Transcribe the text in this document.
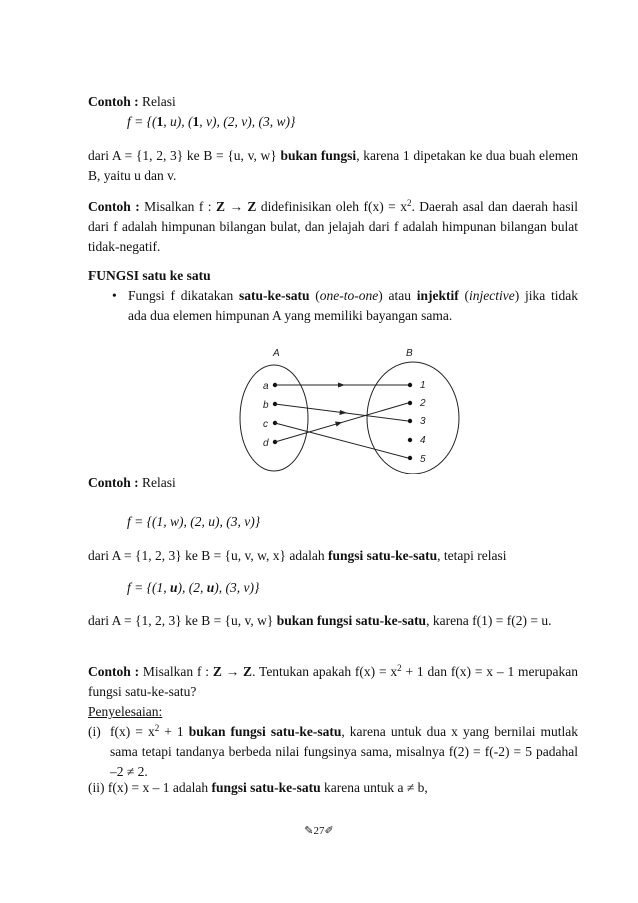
Contoh : Relasi

f = {(1, u), (1, v), (2, v), (3, w)}

dari A = {1, 2, 3} ke B = {u, v, w} bukan fungsi, karena 1 dipetakan ke dua buah elemen B, yaitu u dan v.

Contoh : Misalkan f : Z → Z didefinisikan oleh $f(x) = x^2$. Daerah asal dan daerah hasil dari f adalah himpunan bilangan bulat, dan jelajah dari f adalah himpunan bilangan bulat tidak-negatif.

FUNGSI satu ke satu

• Fungsi f dikatakan satu-ke-satu (one-to-one) atau injektif (injective) jika tidak ada dua elemen himpunan A yang memiliki bayangan sama.
A	B
a
b
c
d
1
2
3
4
5

Contoh : Relasi

f = {(1, w), (2, u), (3, v)}

dari A = {1, 2, 3} ke B = {u, v, w, x} adalah fungsi satu-ke-satu, tetapi relasi

f = {(1, u), (2, u), (3, v)}

dari A = {1, 2, 3} ke B = {u, v, w} bukan fungsi satu-ke-satu, karena f(1) = f(2) = u.

Contoh : Misalkan f : Z → Z. Tentukan apakah $f(x) = x^2 + 1$ dan f(x) = x – 1 merupakan fungsi satu-ke-satu?

Penyelesaian:

(i) $f(x) = x^2 + 1$ bukan fungsi satu-ke-satu, karena untuk dua x yang bernilai mutlak sama tetapi tandanya berbeda nilai fungsinya sama, misalnya f(2) = f(-2) = 5 padahal –2 ≠ 2.

(ii) f(x) = x – 1 adalah fungsi satu-ke-satu karena untuk a ≠ b,

✎27✐
